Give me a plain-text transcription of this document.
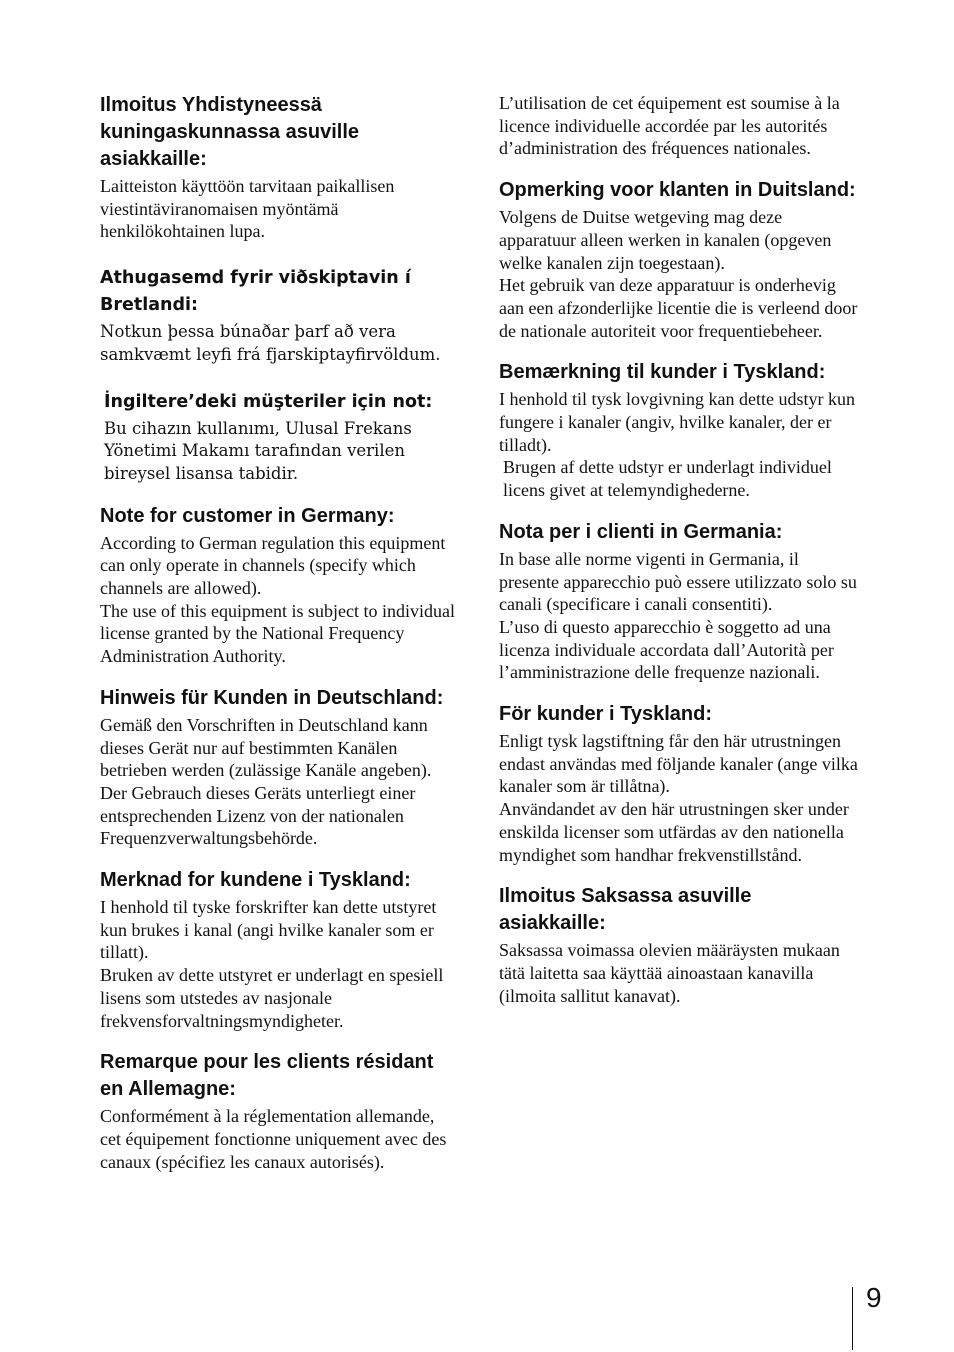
Ilmoitus Yhdistyneessä kuningaskunnassa asuville asiakkaille:

Laitteiston käyttöön tarvitaan paikallisen viestintäviranomaisen myöntämä henkilökohtainen lupa.

Athugasemd fyrir viðskiptavin í Bretlandi:

Notkun þessa búnaðar þarf að vera samkvæmt leyfi frá fjarskiptayfirvöldum.

İngiltere’deki müşteriler için not:

Bu cihazın kullanımı, Ulusal Frekans Yönetimi Makamı tarafından verilen bireysel lisansa tabidir.

Note for customer in Germany:

According to German regulation this equipment can only operate in channels (specify which channels are allowed).
The use of this equipment is subject to individual license granted by the National Frequency Administration Authority.

Hinweis für Kunden in Deutschland:

Gemäß den Vorschriften in Deutschland kann dieses Gerät nur auf bestimmten Kanälen betrieben werden (zulässige Kanäle angeben).
Der Gebrauch dieses Geräts unterliegt einer entsprechenden Lizenz von der nationalen Frequenzverwaltungsbehörde.

Merknad for kundene i Tyskland:

I henhold til tyske forskrifter kan dette utstyret kun brukes i kanal (angi hvilke kanaler som er tillatt).
Bruken av dette utstyret er underlagt en spesiell lisens som utstedes av nasjonale frekvensforvaltningsmyndigheter.

Remarque pour les clients résidant en Allemagne:

Conformément à la réglementation allemande, cet équipement fonctionne uniquement avec des canaux (spécifiez les canaux autorisés).

L’utilisation de cet équipement est soumise à la licence individuelle accordée par les autorités d’administration des fréquences nationales.

Opmerking voor klanten in Duitsland:

Volgens de Duitse wetgeving mag deze apparatuur alleen werken in kanalen (opgeven welke kanalen zijn toegestaan).
Het gebruik van deze apparatuur is onderhevig aan een afzonderlijke licentie die is verleend door de nationale autoriteit voor frequentiebeheer.

Bemærkning til kunder i Tyskland:

I henhold til tysk lovgivning kan dette udstyr kun fungere i kanaler (angiv, hvilke kanaler, der er tilladt).

Brugen af dette udstyr er underlagt individuel licens givet at telemyndighederne.

Nota per i clienti in Germania:

In base alle norme vigenti in Germania, il presente apparecchio può essere utilizzato solo su canali (specificare i canali consentiti).
L’uso di questo apparecchio è soggetto ad una licenza individuale accordata dall’Autorità per l’amministrazione delle frequenze nazionali.

För kunder i Tyskland:

Enligt tysk lagstiftning får den här utrustningen endast användas med följande kanaler (ange vilka kanaler som är tillåtna).
Användandet av den här utrustningen sker under enskilda licenser som utfärdas av den nationella myndighet som handhar frekvenstillstånd.

Ilmoitus Saksassa asuville asiakkaille:

Saksassa voimassa olevien määräysten mukaan tätä laitetta saa käyttää ainoastaan kanavilla (ilmoita sallitut kanavat).

9
